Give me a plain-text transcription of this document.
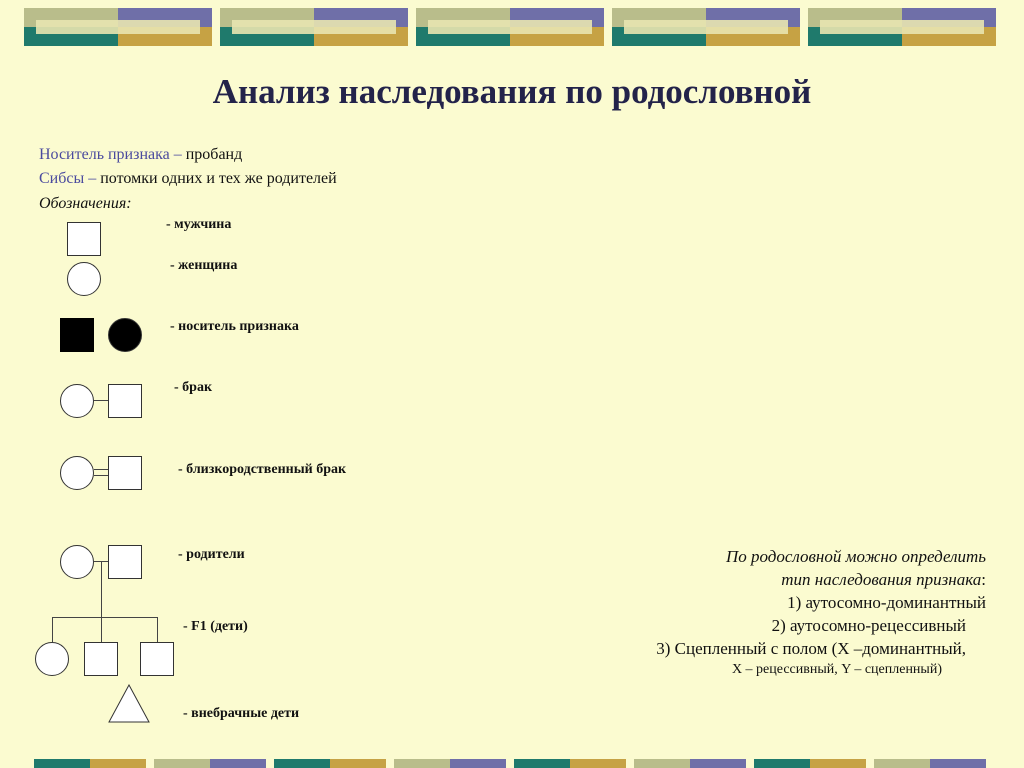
Анализ наследования по родословной
Носитель признака – пробанд
Сибсы – потомки одних и тех же родителей
Обозначения:
- мужчина
- женщина
- носитель признака
- брак
- близкородственный брак
- родители
- F1 (дети)
- внебрачные дети
По родословной можно определить
тип наследования признака:
1) аутосомно-доминантный
2) аутосомно-рецессивный
3) Сцепленный с полом (Х –доминантный,
Х – рецессивный, Y – сцепленный)
